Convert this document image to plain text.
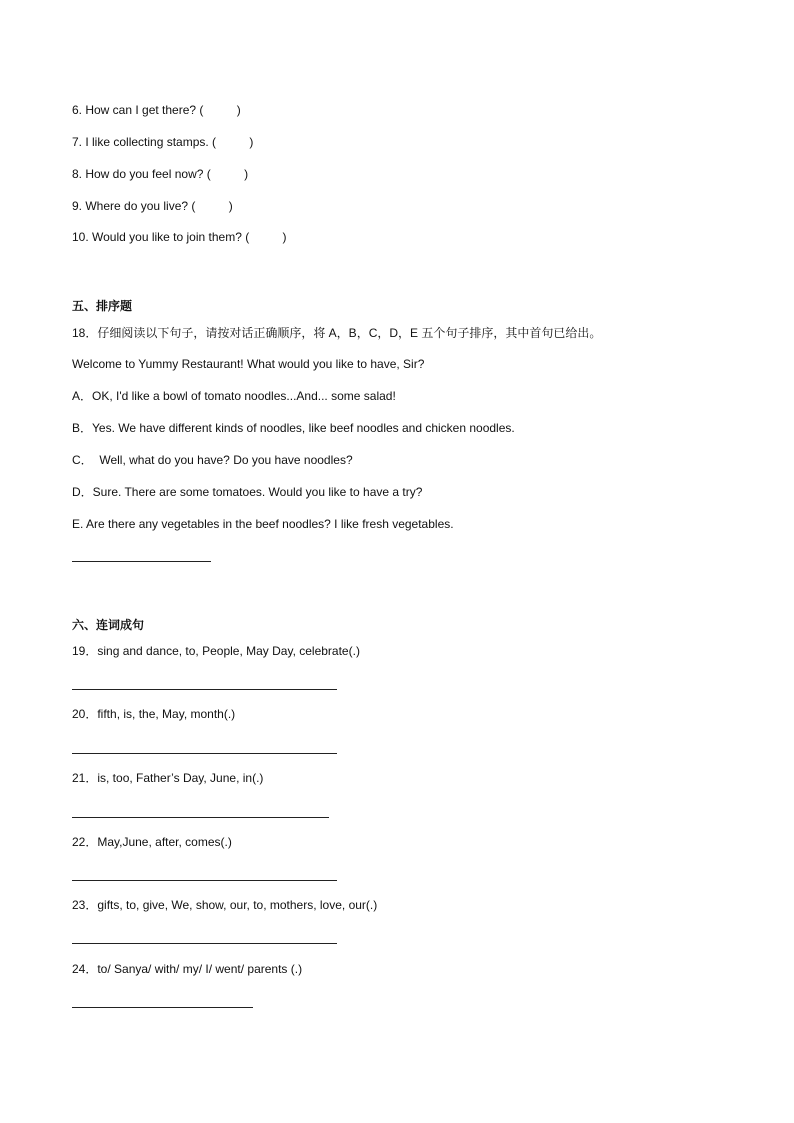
6. How can I get there? (          )
7. I like collecting stamps. (          )
8. How do you feel now? (          )
9. Where do you live? (          )
10. Would you like to join them? (          )
五、排序题
18．仔细阅读以下句子，请按对话正确顺序，将 A，B，C，D，E 五个句子排序，其中首句已给出。
Welcome to Yummy Restaurant! What would you like to have, Sir?
A．OK, I'd like a bowl of tomato noodles...And... some salad!
B．Yes. We have different kinds of noodles, like beef noodles and chicken noodles.
C．  Well, what do you have? Do you have noodles?
D．Sure. There are some tomatoes. Would you like to have a try?
E. Are there any vegetables in the beef noodles? I like fresh vegetables.
六、连词成句
19．sing and dance, to, People, May Day, celebrate(.)
20．fifth, is, the, May, month(.)
21．is, too, Father’s Day, June, in(.)
22．May,June, after, comes(.)
23．gifts, to, give, We, show, our, to, mothers, love, our(.)
24．to/ Sanya/ with/ my/ I/ went/ parents (.)
